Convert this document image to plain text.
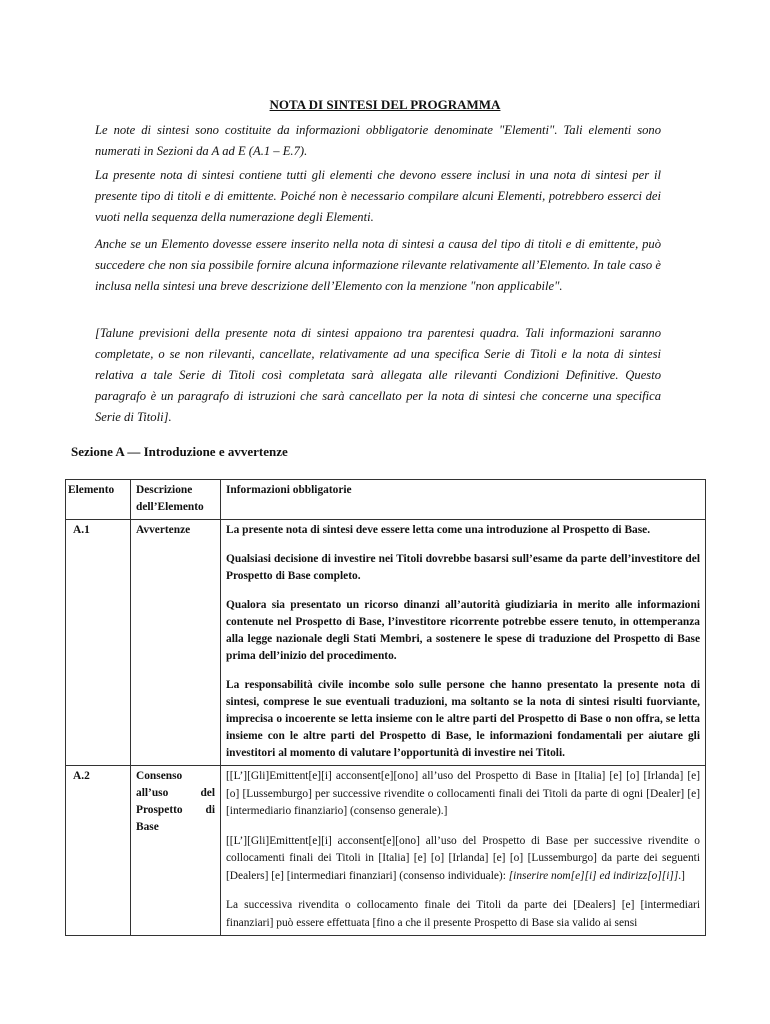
NOTA DI SINTESI DEL PROGRAMMA

Le note di sintesi sono costituite da informazioni obbligatorie denominate "Elementi". Tali elementi sono numerati in Sezioni da A ad E (A.1 – E.7).

La presente nota di sintesi contiene tutti gli elementi che devono essere inclusi in una nota di sintesi per il presente tipo di titoli e di emittente. Poiché non è necessario compilare alcuni Elementi, potrebbero esserci dei vuoti nella sequenza della numerazione degli Elementi.

Anche se un Elemento dovesse essere inserito nella nota di sintesi a causa del tipo di titoli e di emittente, può succedere che non sia possibile fornire alcuna informazione rilevante relativamente all’Elemento. In tale caso è inclusa nella sintesi una breve descrizione dell’Elemento con la menzione "non applicabile".

[Talune previsioni della presente nota di sintesi appaiono tra parentesi quadra. Tali informazioni saranno completate, o se non rilevanti, cancellate, relativamente ad una specifica Serie di Titoli e la nota di sintesi relativa a tale Serie di Titoli così completata sarà allegata alle rilevanti Condizioni Definitive. Questo paragrafo è un paragrafo di istruzioni che sarà cancellato per la nota di sintesi che concerne una specifica Serie di Titoli].

Sezione A — Introduzione e avvertenze
Elemento	Descrizione dell’Elemento	Informazioni obbligatorie
A.1	Avvertenze	La presente nota di sintesi deve essere letta come una introduzione al Prospetto di Base.

Qualsiasi decisione di investire nei Titoli dovrebbe basarsi sull’esame da parte dell’investitore del Prospetto di Base completo.

Qualora sia presentato un ricorso dinanzi all’autorità giudiziaria in merito alle informazioni contenute nel Prospetto di Base, l’investitore ricorrente potrebbe essere tenuto, in ottemperanza alla legge nazionale degli Stati Membri, a sostenere le spese di traduzione del Prospetto di Base prima dell’inizio del procedimento.

La responsabilità civile incombe solo sulle persone che hanno presentato la presente nota di sintesi, comprese le sue eventuali traduzioni, ma soltanto se la nota di sintesi risulti fuorviante, imprecisa o incoerente se letta insieme con le altre parti del Prospetto di Base o non offra, se letta insieme con le altre parti del Prospetto di Base, le informazioni fondamentali per aiutare gli investitori al momento di valutare l’opportunità di investire nei Titoli.

A.2	Consenso all’uso del Prospetto di Base	[[L’][Gli]Emittent[e][i] acconsent[e][ono] all’uso del Prospetto di Base in [Italia] [e] [o] [Irlanda] [e] [o] [Lussemburgo] per successive rivendite o collocamenti finali dei Titoli da parte di ogni [Dealer] [e] [intermediario finanziario] (consenso generale).]

[[L’][Gli]Emittent[e][i] acconsent[e][ono] all’uso del Prospetto di Base per successive rivendite o collocamenti finali dei Titoli in [Italia] [e] [o] [Irlanda] [e] [o] [Lussemburgo] da parte dei seguenti [Dealers] [e] [intermediari finanziari] (consenso individuale): [inserire nom[e][i] ed indirizz[o][i]].]

La successiva rivendita o collocamento finale dei Titoli da parte dei [Dealers] [e] [intermediari finanziari] può essere effettuata [fino a che il presente Prospetto di Base sia valido ai sensi
